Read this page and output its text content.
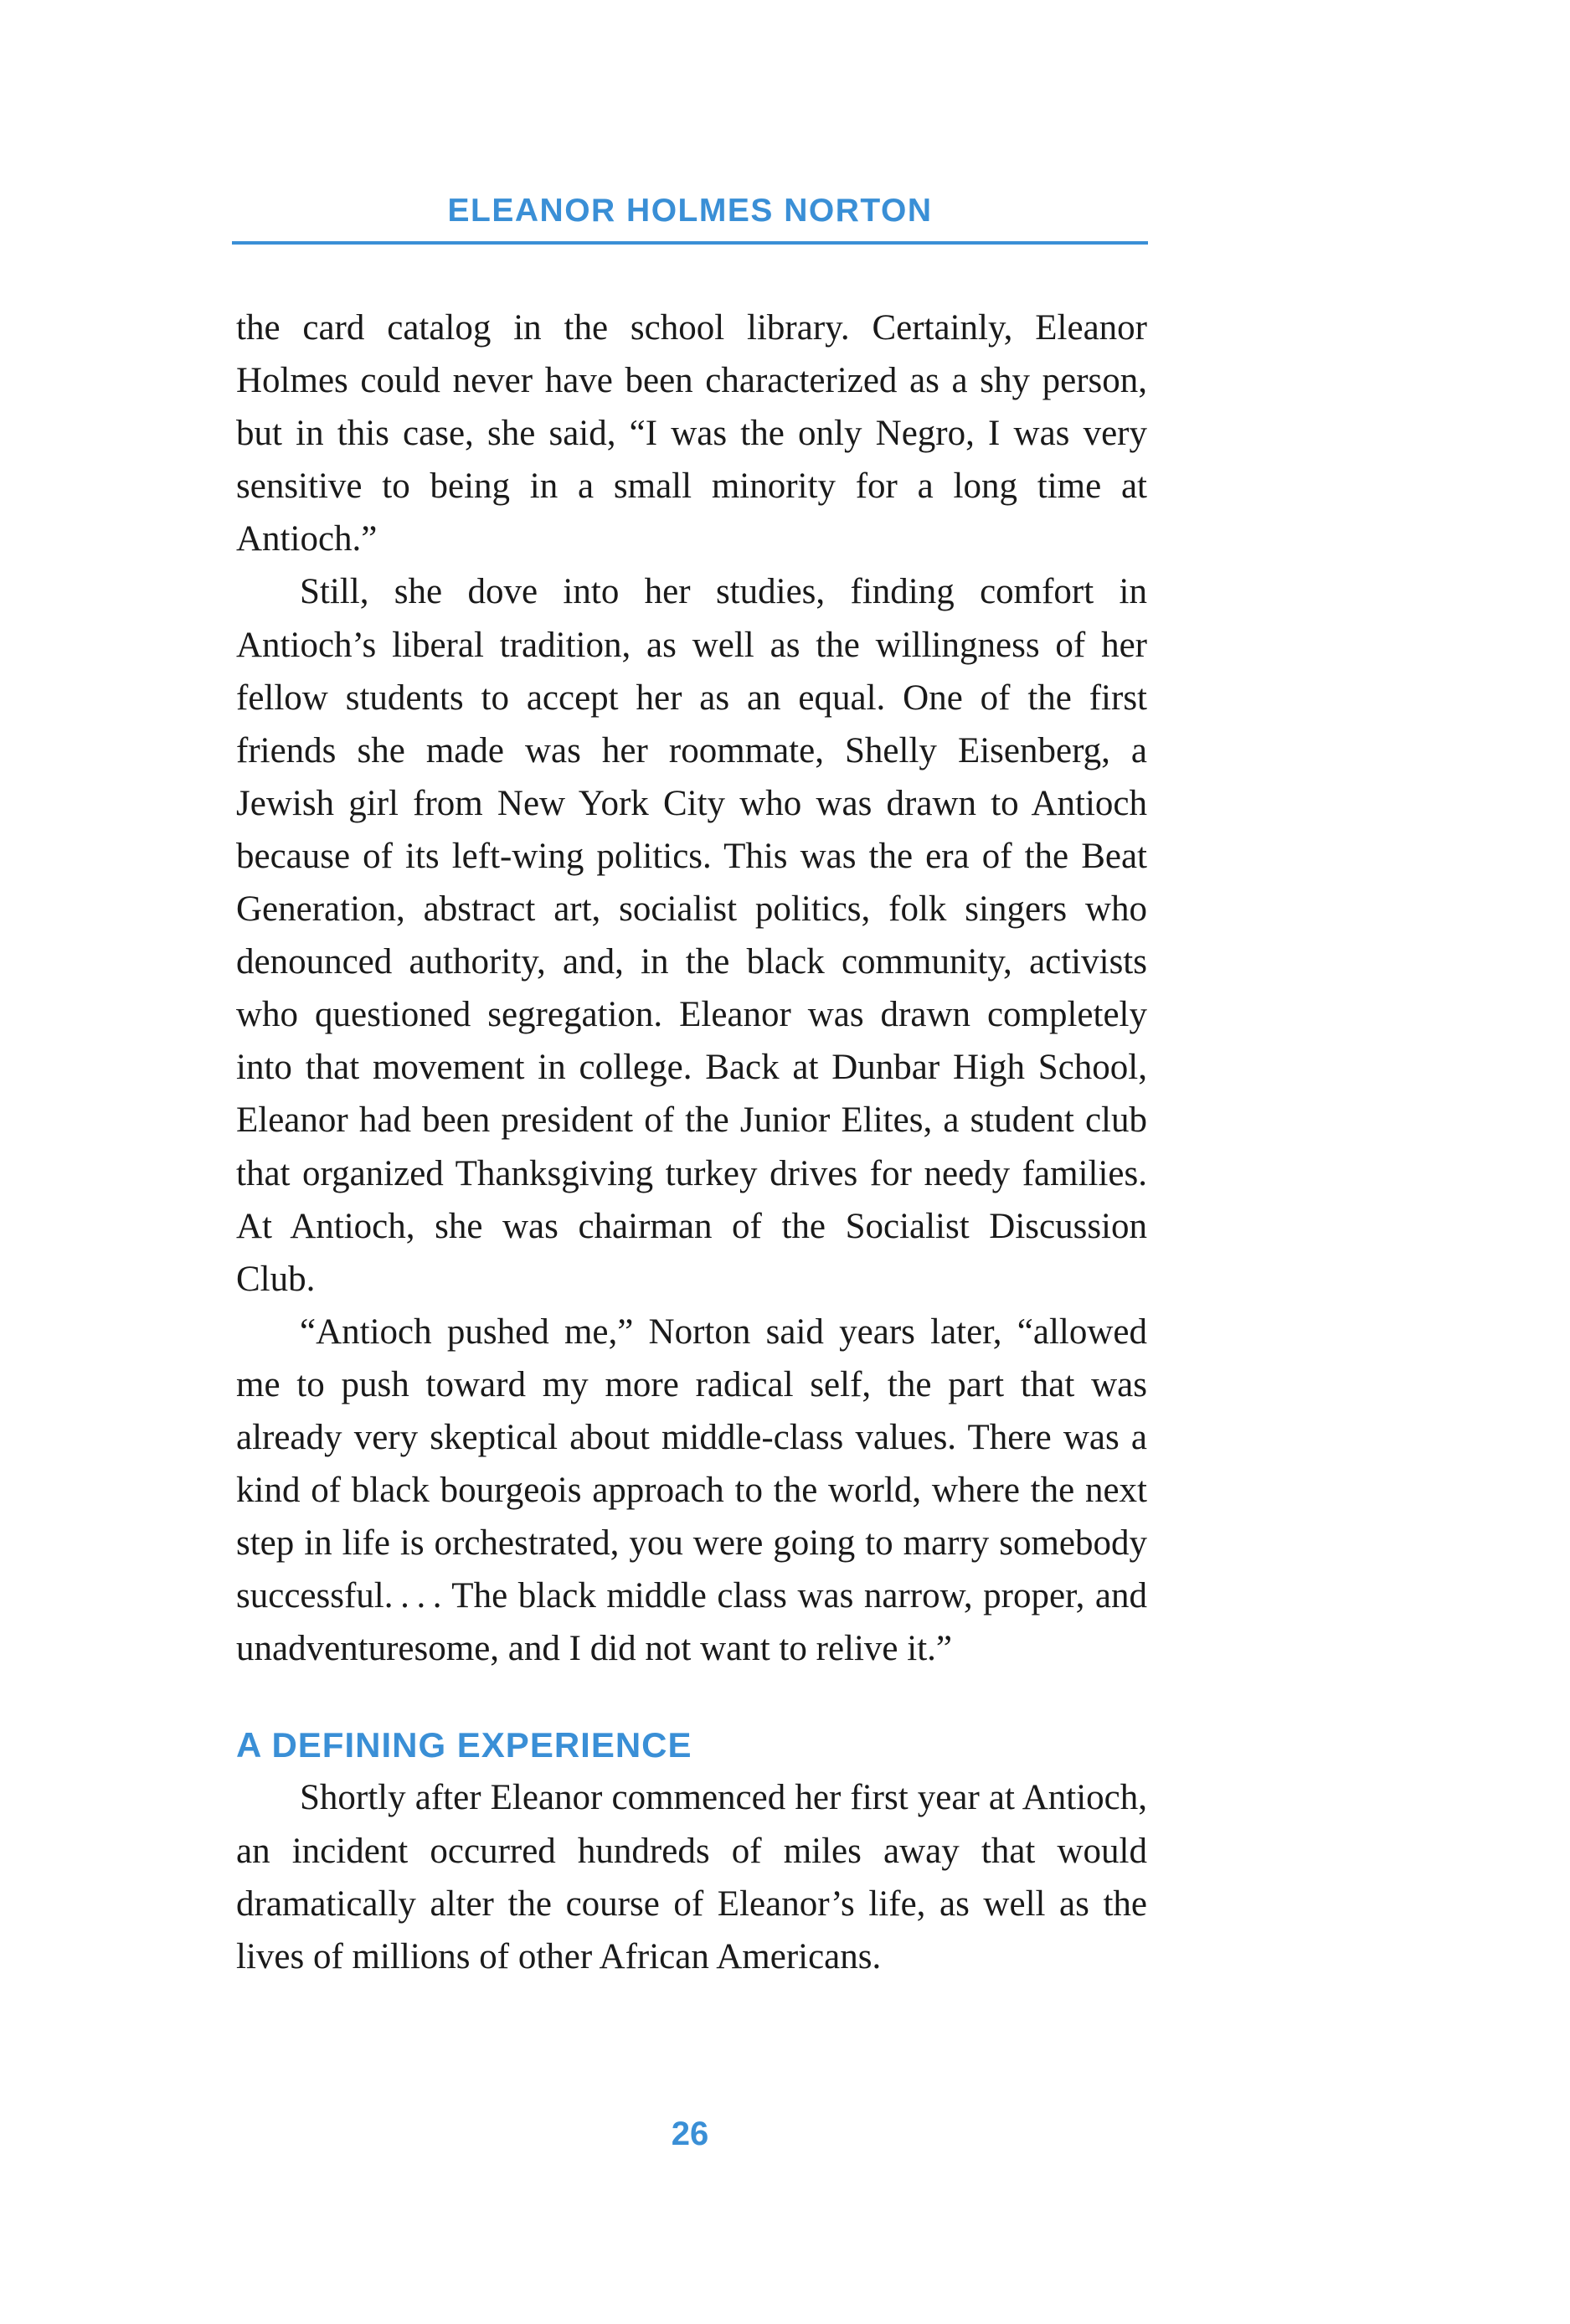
ELEANOR HOLMES NORTON

the card catalog in the school library. Certainly, Eleanor Holmes could never have been characterized as a shy person, but in this case, she said, “I was the only Negro, I was very sensitive to being in a small minority for a long time at Antioch.”

Still, she dove into her studies, finding comfort in Antioch’s liberal tradition, as well as the willingness of her fellow students to accept her as an equal. One of the first friends she made was her roommate, Shelly Eisenberg, a Jewish girl from New York City who was drawn to Antioch because of its left-wing politics. This was the era of the Beat Generation, abstract art, socialist politics, folk singers who denounced authority, and, in the black community, activists who questioned segregation. Eleanor was drawn completely into that movement in college. Back at Dunbar High School, Eleanor had been president of the Junior Elites, a student club that organized Thanksgiving turkey drives for needy families. At Antioch, she was chairman of the Socialist Discussion Club.

“Antioch pushed me,” Norton said years later, “allowed me to push toward my more radical self, the part that was already very skeptical about middle-class values. There was a kind of black bourgeois approach to the world, where the next step in life is orchestrated, you were going to marry somebody successful. . . . The black middle class was narrow, proper, and unadventuresome, and I did not want to relive it.”

A DEFINING EXPERIENCE

Shortly after Eleanor commenced her first year at Antioch, an incident occurred hundreds of miles away that would dramatically alter the course of Eleanor’s life, as well as the lives of millions of other African Americans.

26
